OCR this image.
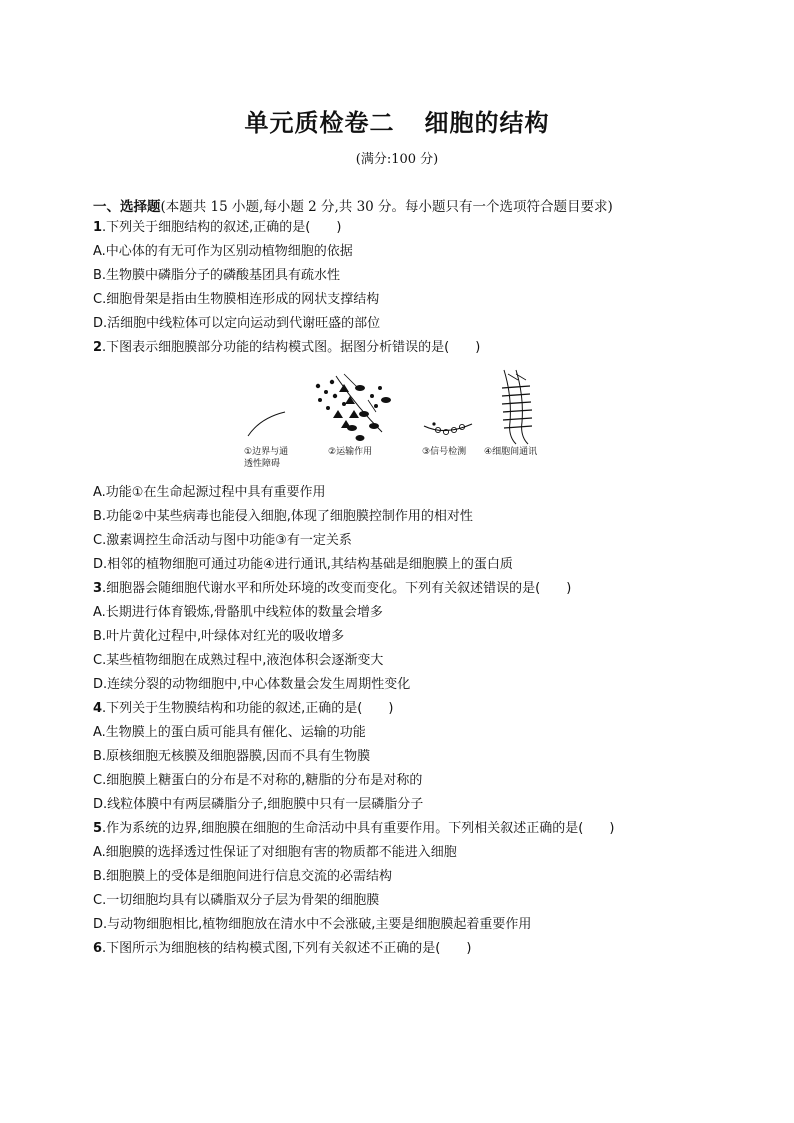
单元质检卷二 细胞的结构
(满分:100 分)
一、选择题(本题共 15 小题,每小题 2 分,共 30 分。每小题只有一个选项符合题目要求)
1.下列关于细胞结构的叙述,正确的是(　　)
A.中心体的有无可作为区别动植物细胞的依据
B.生物膜中磷脂分子的磷酸基团具有疏水性
C.细胞骨架是指由生物膜相连形成的网状支撑结构
D.活细胞中线粒体可以定向运动到代谢旺盛的部位
2.下图表示细胞膜部分功能的结构模式图。据图分析错误的是(　　)
①边界与通
透性障碍
②运输作用	③信号检测 ④细胞间通讯
A.功能①在生命起源过程中具有重要作用
B.功能②中某些病毒也能侵入细胞,体现了细胞膜控制作用的相对性
C.激素调控生命活动与图中功能③有一定关系
D.相邻的植物细胞可通过功能④进行通讯,其结构基础是细胞膜上的蛋白质
3.细胞器会随细胞代谢水平和所处环境的改变而变化。下列有关叙述错误的是(　　)
A.长期进行体育锻炼,骨骼肌中线粒体的数量会增多
B.叶片黄化过程中,叶绿体对红光的吸收增多
C.某些植物细胞在成熟过程中,液泡体积会逐渐变大
D.连续分裂的动物细胞中,中心体数量会发生周期性变化
4.下列关于生物膜结构和功能的叙述,正确的是(　　)
A.生物膜上的蛋白质可能具有催化、运输的功能
B.原核细胞无核膜及细胞器膜,因而不具有生物膜
C.细胞膜上糖蛋白的分布是不对称的,糖脂的分布是对称的
D.线粒体膜中有两层磷脂分子,细胞膜中只有一层磷脂分子
5.作为系统的边界,细胞膜在细胞的生命活动中具有重要作用。下列相关叙述正确的是(　　)
A.细胞膜的选择透过性保证了对细胞有害的物质都不能进入细胞
B.细胞膜上的受体是细胞间进行信息交流的必需结构
C.一切细胞均具有以磷脂双分子层为骨架的细胞膜
D.与动物细胞相比,植物细胞放在清水中不会涨破,主要是细胞膜起着重要作用
6.下图所示为细胞核的结构模式图,下列有关叙述不正确的是(　　)
